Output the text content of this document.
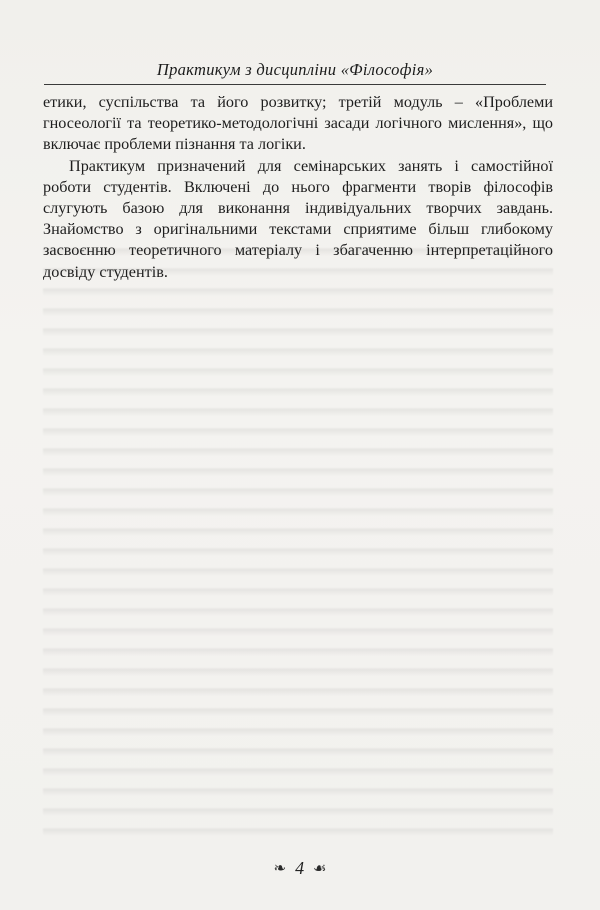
Практикум з дисципліни «Філософія»

етики, суспільства та його розвитку; третій модуль – «Проблеми гносеології та теоретико-методологічні засади логічного мислення», що включає проблеми пізнання та логіки.

Практикум призначений для семінарських занять і самостійної роботи студентів. Включені до нього фрагменти творів філософів слугують базою для виконання індивідуальних творчих завдань. Знайомство з оригінальними текстами сприятиме більш глибокому засвоєнню теоретичного матеріалу і збагаченню інтерпретаційного досвіду студентів.

❧ 4 ☙
